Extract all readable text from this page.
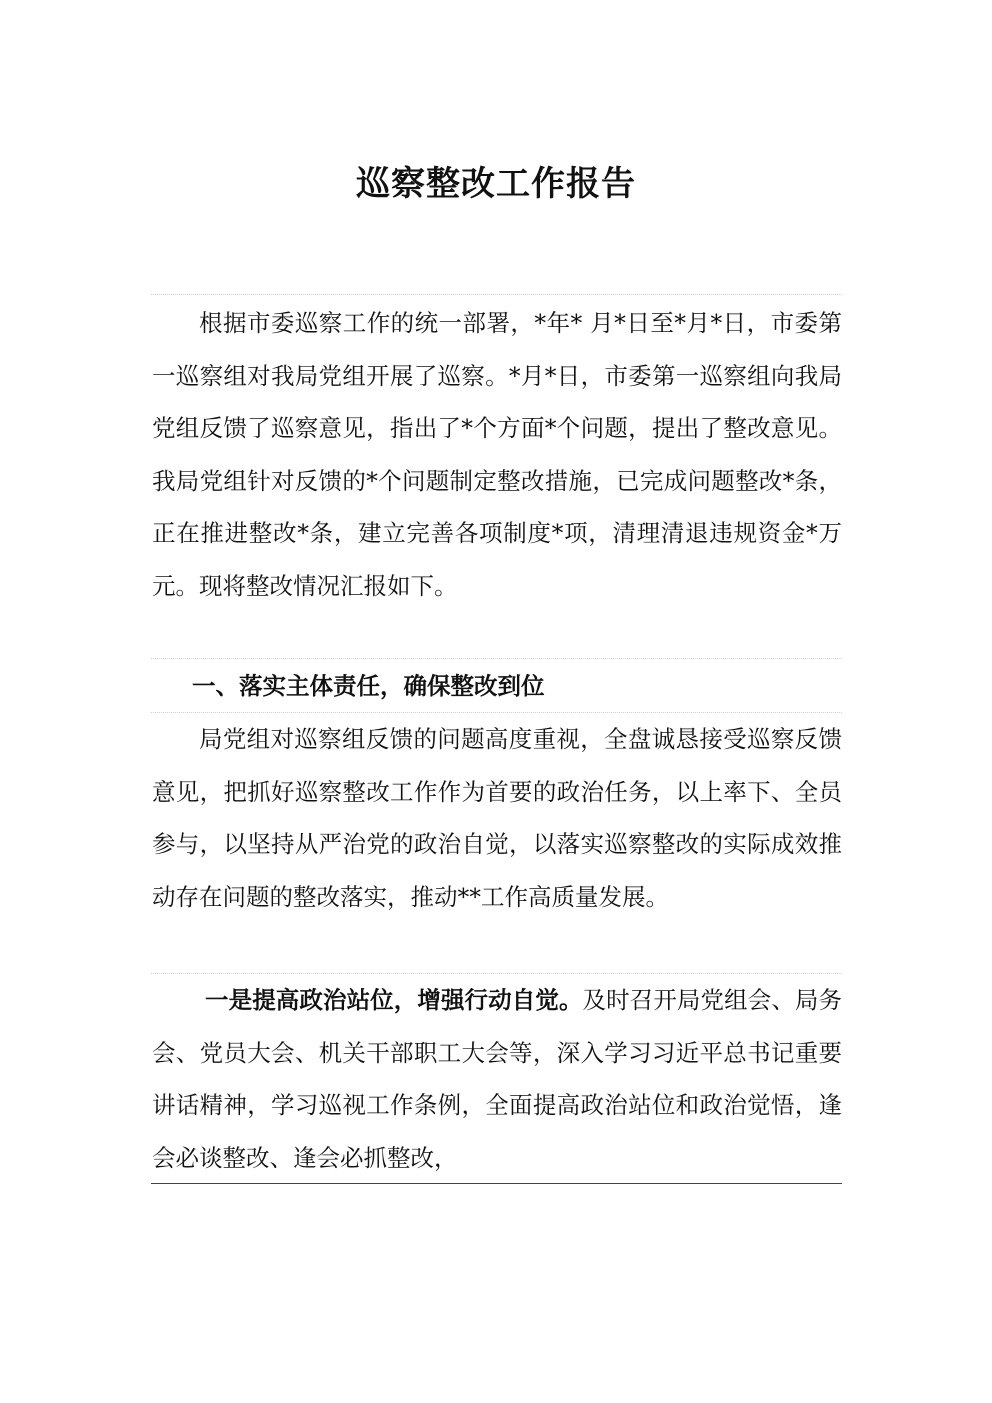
巡察整改工作报告

根据市委巡察工作的统一部署，*年* 月*日至*月*日，市委第一巡察组对我局党组开展了巡察。*月*日，市委第一巡察组向我局党组反馈了巡察意见，指出了*个方面*个问题，提出了整改意见。我局党组针对反馈的*个问题制定整改措施，已完成问题整改*条，正在推进整改*条，建立完善各项制度*项，清理清退违规资金*万元。现将整改情况汇报如下。

一、落实主体责任，确保整改到位

局党组对巡察组反馈的问题高度重视，全盘诚恳接受巡察反馈意见，把抓好巡察整改工作作为首要的政治任务，以上率下、全员参与，以坚持从严治党的政治自觉，以落实巡察整改的实际成效推动存在问题的整改落实，推动**工作高质量发展。

一是提高政治站位，增强行动自觉。及时召开局党组会、局务会、党员大会、机关干部职工大会等，深入学习习近平总书记重要讲话精神，学习巡视工作条例，全面提高政治站位和政治觉悟，逢会必谈整改、逢会必抓整改，
